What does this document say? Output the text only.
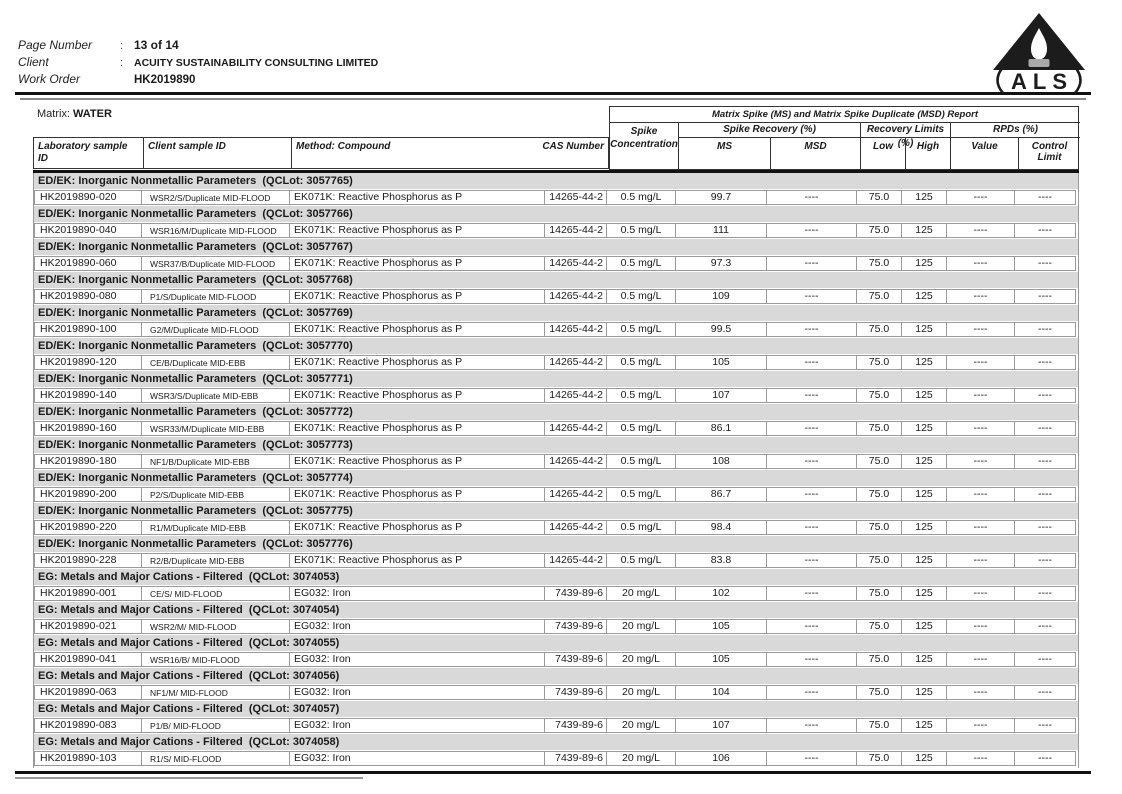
Page Number	: 13 of 14
Client	:	ACUITY SUSTAINABILITY CONSULTING LIMITED
Work Order	HK2019890	ALS
Matrix: WATER
Laboratory sample ID
Client sample ID	Method: Compound	CAS Number
Matrix Spike (MS) and Matrix Spike Duplicate (MSD) Report
Spike Concentration
Spike Recovery (%)	Recovery Limits (%)
RPDs (%)
MS	MSD	Low	High	Value	Control Limit
ED/EK: Inorganic Nonmetallic Parameters  (QCLot: 3057765)
HK2019890-020	WSR2/S/Duplicate MID-FLOOD	EK071K: Reactive Phosphorus as P	14265-44-2	0.5 mg/L	99.7	----	75.0	125	----	----
ED/EK: Inorganic Nonmetallic Parameters  (QCLot: 3057766)
HK2019890-040	WSR16/M/Duplicate MID-FLOOD	EK071K: Reactive Phosphorus as P	14265-44-2	0.5 mg/L	111	----	75.0	125	----	----
ED/EK: Inorganic Nonmetallic Parameters  (QCLot: 3057767)
HK2019890-060	WSR37/B/Duplicate MID-FLOOD	EK071K: Reactive Phosphorus as P	14265-44-2	0.5 mg/L	97.3	----	75.0	125	----	----
ED/EK: Inorganic Nonmetallic Parameters  (QCLot: 3057768)
HK2019890-080	P1/S/Duplicate MID-FLOOD	EK071K: Reactive Phosphorus as P	14265-44-2	0.5 mg/L	109	----	75.0	125	----	----
ED/EK: Inorganic Nonmetallic Parameters  (QCLot: 3057769)
HK2019890-100	G2/M/Duplicate MID-FLOOD	EK071K: Reactive Phosphorus as P	14265-44-2	0.5 mg/L	99.5	----	75.0	125	----	----
ED/EK: Inorganic Nonmetallic Parameters  (QCLot: 3057770)
HK2019890-120	CE/B/Duplicate MID-EBB	EK071K: Reactive Phosphorus as P	14265-44-2	0.5 mg/L	105	----	75.0	125	----	----
ED/EK: Inorganic Nonmetallic Parameters  (QCLot: 3057771)
HK2019890-140	WSR3/S/Duplicate MID-EBB	EK071K: Reactive Phosphorus as P	14265-44-2	0.5 mg/L	107	----	75.0	125	----	----
ED/EK: Inorganic Nonmetallic Parameters  (QCLot: 3057772)
HK2019890-160	WSR33/M/Duplicate MID-EBB	EK071K: Reactive Phosphorus as P	14265-44-2	0.5 mg/L	86.1	----	75.0	125	----	----
ED/EK: Inorganic Nonmetallic Parameters  (QCLot: 3057773)
HK2019890-180	NF1/B/Duplicate MID-EBB	EK071K: Reactive Phosphorus as P	14265-44-2	0.5 mg/L	108	----	75.0	125	----	----
ED/EK: Inorganic Nonmetallic Parameters  (QCLot: 3057774)
HK2019890-200	P2/S/Duplicate MID-EBB	EK071K: Reactive Phosphorus as P	14265-44-2	0.5 mg/L	86.7	----	75.0	125	----	----
ED/EK: Inorganic Nonmetallic Parameters  (QCLot: 3057775)
HK2019890-220	R1/M/Duplicate MID-EBB	EK071K: Reactive Phosphorus as P	14265-44-2	0.5 mg/L	98.4	----	75.0	125	----	----
ED/EK: Inorganic Nonmetallic Parameters  (QCLot: 3057776)
HK2019890-228	R2/B/Duplicate MID-EBB	EK071K: Reactive Phosphorus as P	14265-44-2	0.5 mg/L	83.8	----	75.0	125	----	----
EG: Metals and Major Cations - Filtered  (QCLot: 3074053)
HK2019890-001	CE/S/ MID-FLOOD	EG032: Iron	7439-89-6	20 mg/L	102	----	75.0	125	----	----
EG: Metals and Major Cations - Filtered  (QCLot: 3074054)
HK2019890-021	WSR2/M/ MID-FLOOD	EG032: Iron	7439-89-6	20 mg/L	105	----	75.0	125	----	----
EG: Metals and Major Cations - Filtered  (QCLot: 3074055)
HK2019890-041	WSR16/B/ MID-FLOOD	EG032: Iron	7439-89-6	20 mg/L	105	----	75.0	125	----	----
EG: Metals and Major Cations - Filtered  (QCLot: 3074056)
HK2019890-063	NF1/M/ MID-FLOOD	EG032: Iron	7439-89-6	20 mg/L	104	----	75.0	125	----	----
EG: Metals and Major Cations - Filtered  (QCLot: 3074057)
HK2019890-083	P1/B/ MID-FLOOD	EG032: Iron	7439-89-6	20 mg/L	107	----	75.0	125	----	----
EG: Metals and Major Cations - Filtered  (QCLot: 3074058)
HK2019890-103	R1/S/ MID-FLOOD	EG032: Iron	7439-89-6	20 mg/L	106	----	75.0	125	----	----
